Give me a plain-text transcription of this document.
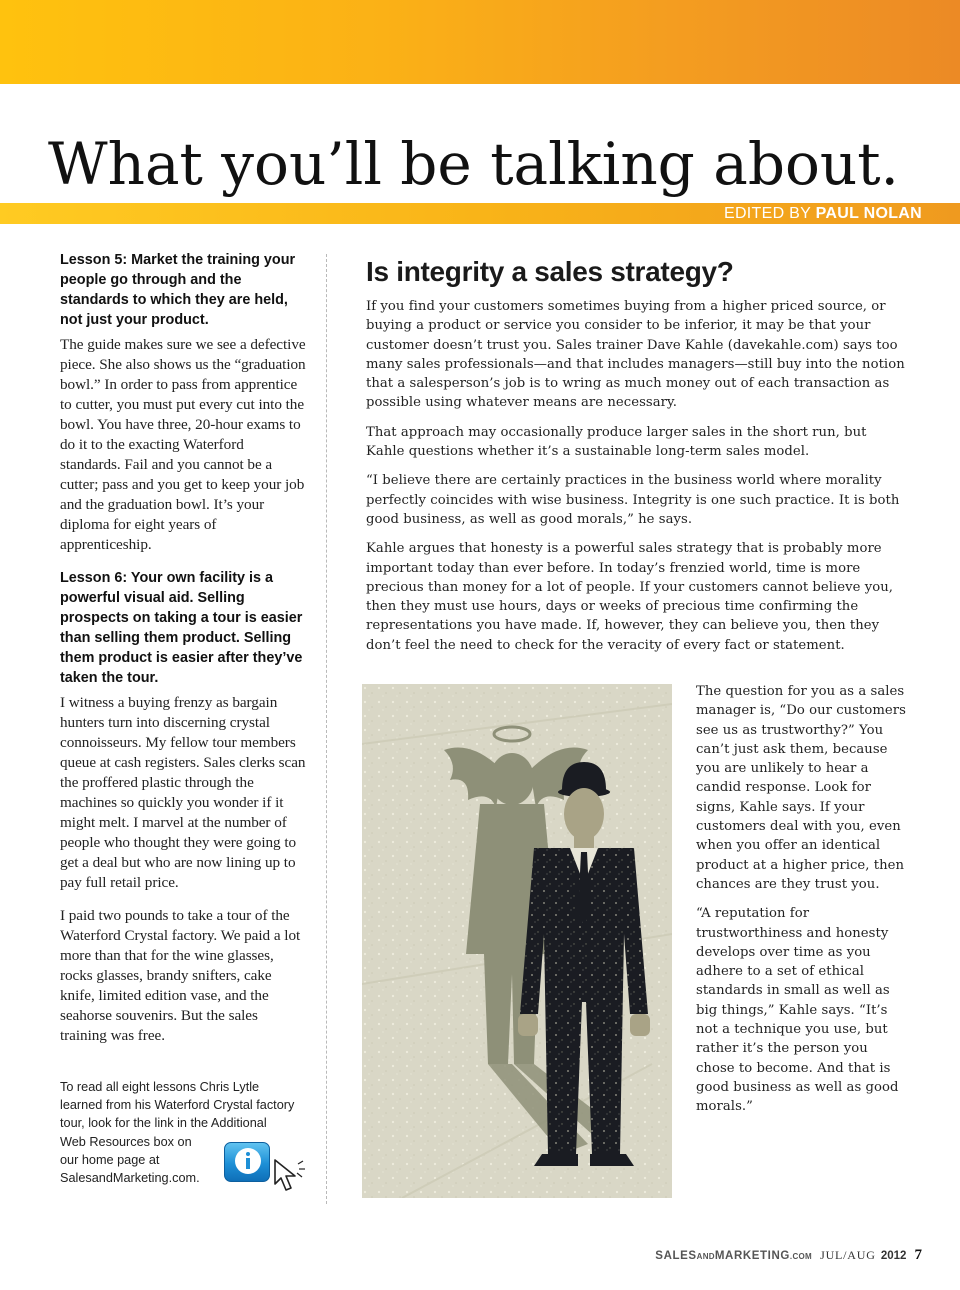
What you’ll be talking about.
EDITED BY PAUL NOLAN

Lesson 5: Market the training your people go through and the standards to which they are held, not just your product.

The guide makes sure we see a defective piece. She also shows us the “graduation bowl.” In order to pass from apprentice to cutter, you must put every cut into the bowl. You have three, 20-hour exams to do it to the exacting Waterford standards. Fail and you cannot be a cutter; pass and you get to keep your job and the graduation bowl. It’s your diploma for eight years of apprenticeship.

Lesson 6: Your own facility is a powerful visual aid. Selling prospects on taking a tour is easier than selling them product. Selling them product is easier after they’ve taken the tour.

I witness a buying frenzy as bargain hunters turn into discerning crystal connoisseurs. My fellow tour members queue at cash registers. Sales clerks scan the proffered plastic through the machines so quickly you wonder if it might melt. I marvel at the number of people who thought they were going to get a deal but who are now lining up to pay full retail price.

I paid two pounds to take a tour of the Waterford Crystal factory. We paid a lot more than that for the wine glasses, rocks glasses, brandy snifters, cake knife, limited edition vase, and the seahorse souvenirs. But the sales training was free.

To read all eight lessons Chris Lytle learned from his Waterford Crystal factory tour, look for the link in the Additional
Web Resources box on
our home page at
SalesandMarketing.com.
Is integrity a sales strategy?

If you find your customers sometimes buying from a higher priced source, or buying a product or service you consider to be inferior, it may be that your customer doesn’t trust you. Sales trainer Dave Kahle (davekahle.com) says too many sales professionals—and that includes managers—still buy into the notion that a salesperson’s job is to wring as much money out of each transaction as possible using whatever means are necessary.

That approach may occasionally produce larger sales in the short run, but Kahle questions whether it’s a sustainable long-term sales model.

“I believe there are certainly practices in the business world where morality perfectly coincides with wise business. Integrity is one such practice. It is both good business, as well as good morals,” he says.

Kahle argues that honesty is a powerful sales strategy that is probably more important today than ever before. In today’s frenzied world, time is more precious than money for a lot of people. If your customers cannot believe you, then they must use hours, days or weeks of precious time confirming the representations you have made. If, however, they can believe you, then they don’t feel the need to check for the veracity of every fact or statement.

The question for you as a sales manager is, “Do our customers see us as trustworthy?” You can’t just ask them, because you are unlikely to hear a candid response. Look for signs, Kahle says. If your customers deal with you, even when you offer an identical product at a higher price, then chances are they trust you.

“A reputation for trustworthiness and honesty develops over time as you adhere to a set of ethical standards in small as well as big things,” Kahle says. “It’s not a technique you use, but rather it’s the person you chose to become. And that is good business as well as good morals.”

SALESANDMARKETING.COM JUL/AUG 2012 7
